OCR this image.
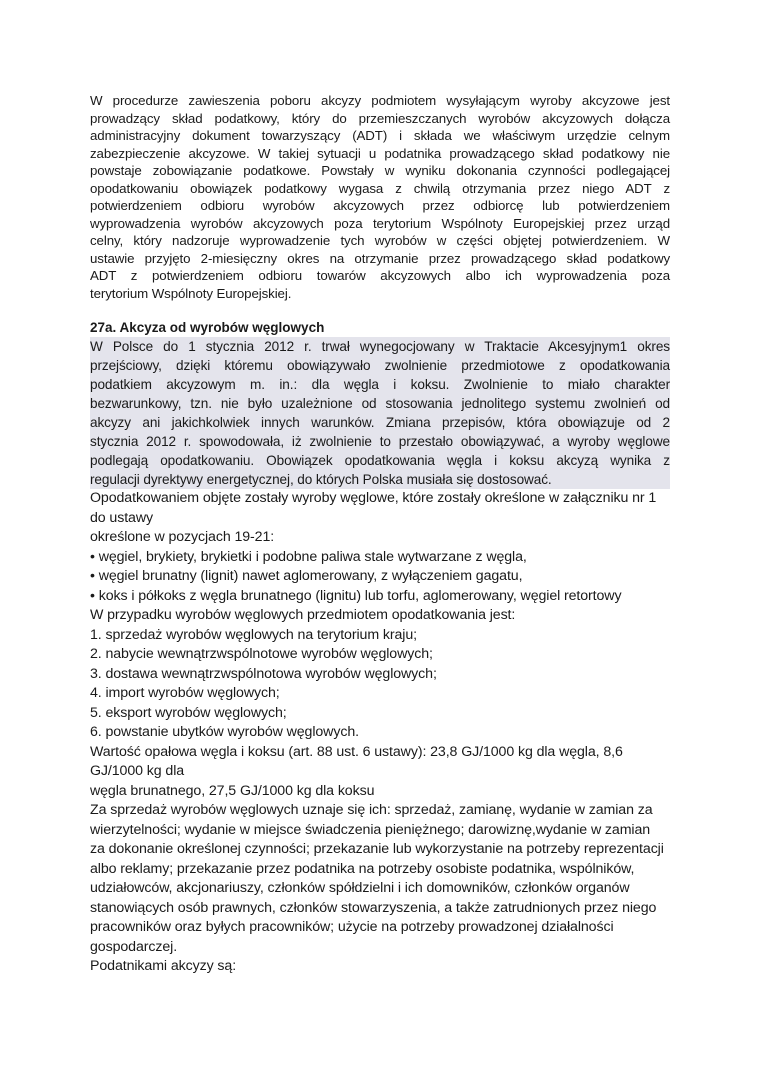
W procedurze zawieszenia poboru akcyzy podmiotem wysyłającym wyroby akcyzowe jest

prowadzący skład podatkowy, który do przemieszczanych wyrobów akcyzowych dołącza

administracyjny dokument towarzyszący (ADT) i składa we właściwym urzędzie celnym

zabezpieczenie akcyzowe. W takiej sytuacji u podatnika prowadzącego skład podatkowy nie

powstaje zobowiązanie podatkowe. Powstały w wyniku dokonania czynności podlegającej

opodatkowaniu obowiązek podatkowy wygasa z chwilą otrzymania przez niego ADT z

potwierdzeniem odbioru wyrobów akcyzowych przez odbiorcę lub potwierdzeniem

wyprowadzenia wyrobów akcyzowych poza terytorium Wspólnoty Europejskiej przez urząd

celny, który nadzoruje wyprowadzenie tych wyrobów w części objętej potwierdzeniem. W

ustawie przyjęto 2-miesięczny okres na otrzymanie przez prowadzącego skład podatkowy

ADT z potwierdzeniem odbioru towarów akcyzowych albo ich wyprowadzenia poza

terytorium Wspólnoty Europejskiej.

27a. Akcyza od wyrobów węglowych

W Polsce do 1 stycznia 2012 r. trwał wynegocjowany w Traktacie Akcesyjnym1 okres

przejściowy, dzięki któremu obowiązywało zwolnienie przedmiotowe z opodatkowania

podatkiem akcyzowym m. in.: dla węgla i koksu. Zwolnienie to miało charakter

bezwarunkowy, tzn. nie było uzależnione od stosowania jednolitego systemu zwolnień od

akcyzy ani jakichkolwiek innych warunków. Zmiana przepisów, która obowiązuje od 2

stycznia 2012 r. spowodowała, iż zwolnienie to przestało obowiązywać, a wyroby węglowe

podlegają opodatkowaniu. Obowiązek opodatkowania węgla i koksu akcyzą wynika z

regulacji dyrektywy energetycznej, do których Polska musiała się dostosować.

Opodatkowaniem objęte zostały wyroby węglowe, które zostały określone w załączniku nr 1

do ustawy

określone w pozycjach 19-21:

• węgiel, brykiety, brykietki i podobne paliwa stale wytwarzane z węgla,

• węgiel brunatny (lignit) nawet aglomerowany, z wyłączeniem gagatu,

• koks i półkoks z węgla brunatnego (lignitu) lub torfu, aglomerowany, węgiel retortowy

W przypadku wyrobów węglowych przedmiotem opodatkowania jest:

1. sprzedaż wyrobów węglowych na terytorium kraju;

2. nabycie wewnątrzwspólnotowe wyrobów węglowych;

3. dostawa wewnątrzwspólnotowa wyrobów węglowych;

4. import wyrobów węglowych;

5. eksport wyrobów węglowych;

6. powstanie ubytków wyrobów węglowych.

Wartość opałowa węgla i koksu (art. 88 ust. 6 ustawy): 23,8 GJ/1000 kg dla węgla, 8,6

GJ/1000 kg dla

węgla brunatnego, 27,5 GJ/1000 kg dla koksu

Za sprzedaż wyrobów węglowych uznaje się ich: sprzedaż, zamianę, wydanie w zamian za

wierzytelności; wydanie w miejsce świadczenia pieniężnego; darowiznę,wydanie w zamian

za dokonanie określonej czynności; przekazanie lub wykorzystanie na potrzeby reprezentacji

albo reklamy; przekazanie przez podatnika na potrzeby osobiste podatnika, wspólników,

udziałowców, akcjonariuszy, członków spółdzielni i ich domowników, członków organów

stanowiących osób prawnych, członków stowarzyszenia, a także zatrudnionych przez niego

pracowników oraz byłych pracowników; użycie na potrzeby prowadzonej działalności

gospodarczej.

Podatnikami akcyzy są:
